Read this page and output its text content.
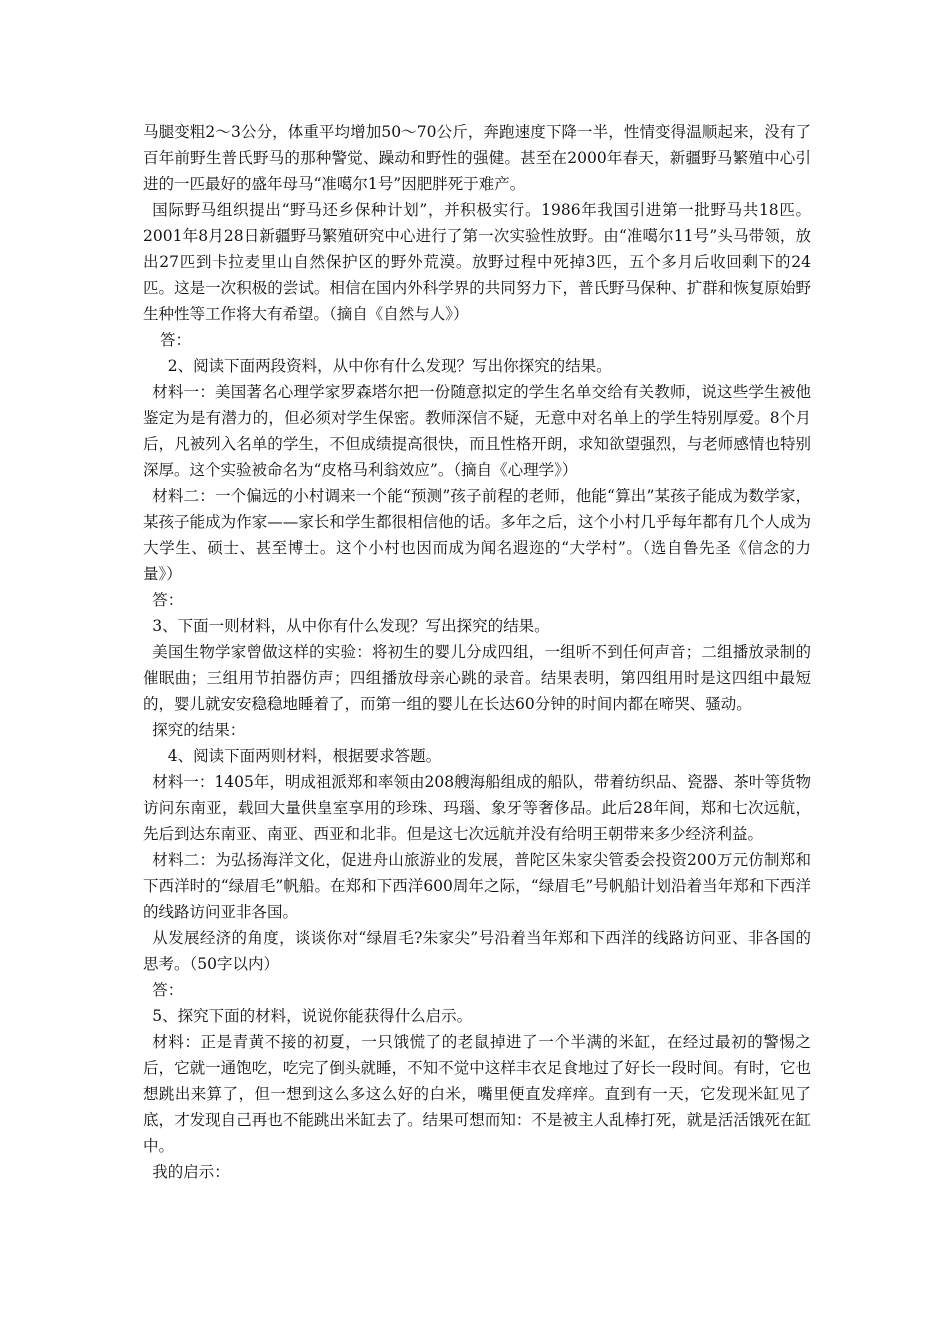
马腿变粗2～3公分，体重平均增加50～70公斤，奔跑速度下降一半，性情变得温顺起来，没有了百年前野生普氏野马的那种警觉、躁动和野性的强健。甚至在2000年春天，新疆野马繁殖中心引进的一匹最好的盛年母马“准噶尔1号”因肥胖死于难产。

国际野马组织提出“野马还乡保种计划”，并积极实行。1986年我国引进第一批野马共18匹。2001年8月28日新疆野马繁殖研究中心进行了第一次实验性放野。由“准噶尔11号”头马带领，放出27匹到卡拉麦里山自然保护区的野外荒漠。放野过程中死掉3匹，五个多月后收回剩下的24匹。这是一次积极的尝试。相信在国内外科学界的共同努力下，普氏野马保种、扩群和恢复原始野生种性等工作将大有希望。（摘自《自然与人》）

答：

2、阅读下面两段资料，从中你有什么发现？写出你探究的结果。

材料一：美国著名心理学家罗森塔尔把一份随意拟定的学生名单交给有关教师，说这些学生被他鉴定为是有潜力的，但必须对学生保密。教师深信不疑，无意中对名单上的学生特别厚爱。8个月后，凡被列入名单的学生，不但成绩提高很快，而且性格开朗，求知欲望强烈，与老师感情也特别深厚。这个实验被命名为“皮格马利翁效应”。（摘自《心理学》）

材料二：一个偏远的小村调来一个能“预测”孩子前程的老师，他能“算出”某孩子能成为数学家，某孩子能成为作家——家长和学生都很相信他的话。多年之后，这个小村几乎每年都有几个人成为大学生、硕士、甚至博士。这个小村也因而成为闻名遐迩的“大学村”。（选自鲁先圣《信念的力量》）

答：

3、下面一则材料，从中你有什么发现？写出探究的结果。

美国生物学家曾做这样的实验：将初生的婴儿分成四组，一组听不到任何声音；二组播放录制的催眠曲；三组用节拍器仿声；四组播放母亲心跳的录音。结果表明，第四组用时是这四组中最短的，婴儿就安安稳稳地睡着了，而第一组的婴儿在长达60分钟的时间内都在啼哭、骚动。

探究的结果：

4、阅读下面两则材料，根据要求答题。

材料一：1405年，明成祖派郑和率领由208艘海船组成的船队，带着纺织品、瓷器、茶叶等货物访问东南亚，载回大量供皇室享用的珍珠、玛瑙、象牙等奢侈品。此后28年间，郑和七次远航，先后到达东南亚、南亚、西亚和北非。但是这七次远航并没有给明王朝带来多少经济利益。

材料二：为弘扬海洋文化，促进舟山旅游业的发展，普陀区朱家尖管委会投资200万元仿制郑和下西洋时的“绿眉毛”帆船。在郑和下西洋600周年之际，“绿眉毛”号帆船计划沿着当年郑和下西洋的线路访问亚非各国。

从发展经济的角度，谈谈你对“绿眉毛?朱家尖”号沿着当年郑和下西洋的线路访问亚、非各国的思考。（50字以内）

答：

5、探究下面的材料，说说你能获得什么启示。

材料：正是青黄不接的初夏，一只饿慌了的老鼠掉进了一个半满的米缸，在经过最初的警惕之后，它就一通饱吃，吃完了倒头就睡，不知不觉中这样丰衣足食地过了好长一段时间。有时，它也想跳出来算了，但一想到这么多这么好的白米，嘴里便直发痒痒。直到有一天，它发现米缸见了底，才发现自己再也不能跳出米缸去了。结果可想而知：不是被主人乱棒打死，就是活活饿死在缸中。

我的启示：
